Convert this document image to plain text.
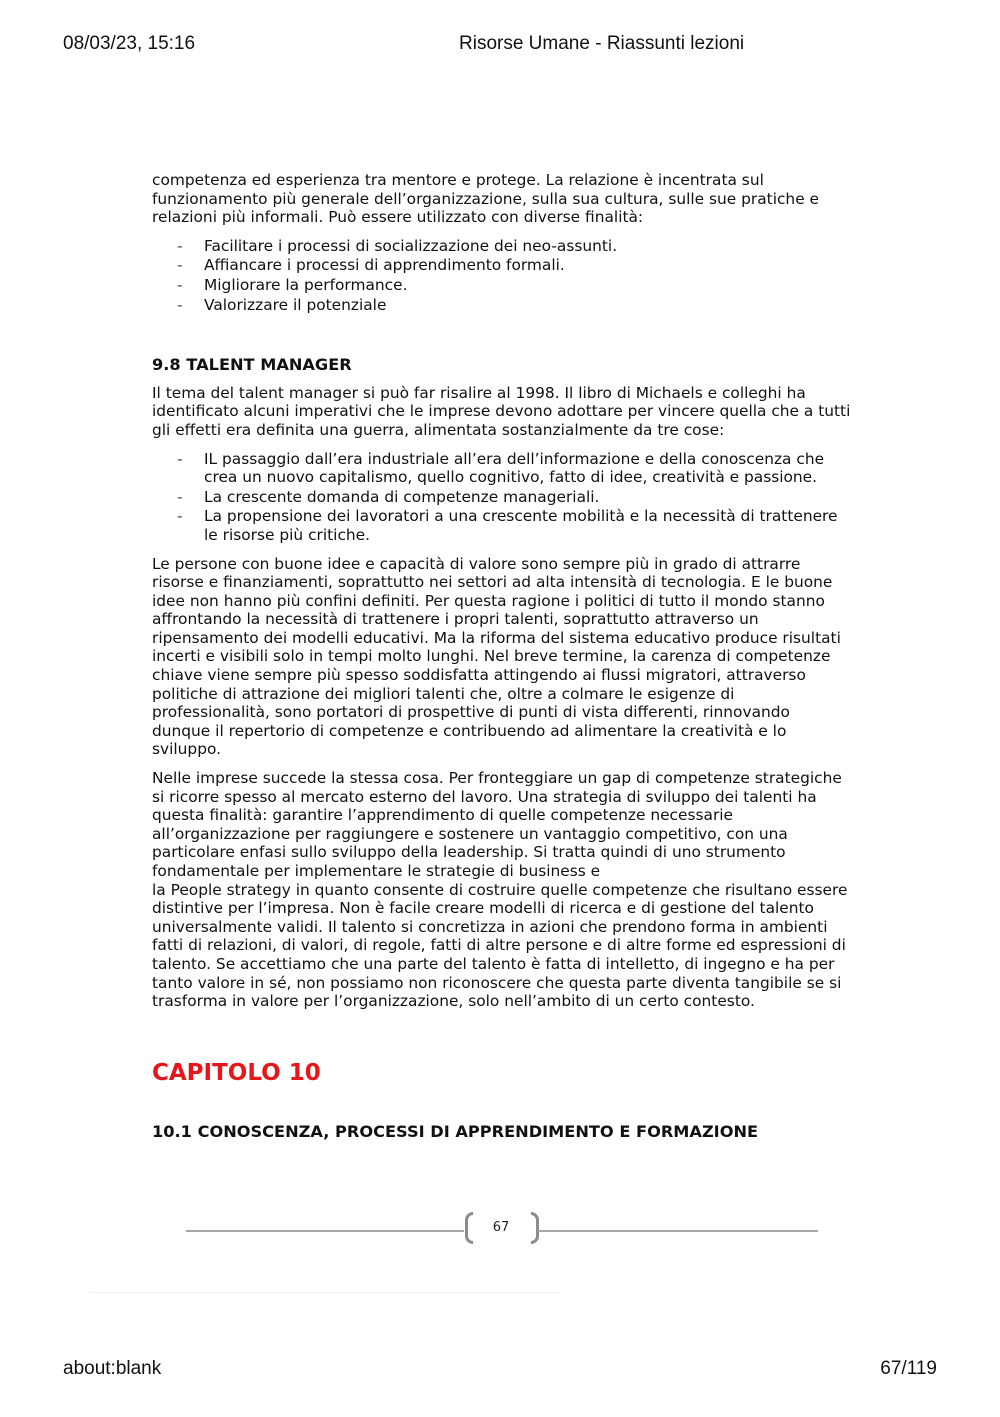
08/03/23, 15:16	Risorse Umane - Riassunti lezioni

competenza ed esperienza tra mentore e protege. La relazione è incentrata sul funzionamento più generale dell’organizzazione, sulla sua cultura, sulle sue pratiche e relazioni più informali. Può essere utilizzato con diverse finalità:

- Facilitare i processi di socializzazione dei neo-assunti.
- Affiancare i processi di apprendimento formali.
- Migliorare la performance.
- Valorizzare il potenziale
9.8 TALENT MANAGER

Il tema del talent manager si può far risalire al 1998. Il libro di Michaels e colleghi ha identificato alcuni imperativi che le imprese devono adottare per vincere quella che a tutti gli effetti era definita una guerra, alimentata sostanzialmente da tre cose:

- IL passaggio dall’era industriale all’era dell’informazione e della conoscenza che crea un nuovo capitalismo, quello cognitivo, fatto di idee, creatività e passione.
- La crescente domanda di competenze manageriali.
- La propensione dei lavoratori a una crescente mobilità e la necessità di trattenere le risorse più critiche.

Le persone con buone idee e capacità di valore sono sempre più in grado di attrarre risorse e finanziamenti, soprattutto nei settori ad alta intensità di tecnologia. E le buone idee non hanno più confini definiti. Per questa ragione i politici di tutto il mondo stanno affrontando la necessità di trattenere i propri talenti, soprattutto attraverso un ripensamento dei modelli educativi. Ma la riforma del sistema educativo produce risultati incerti e visibili solo in tempi molto lunghi. Nel breve termine, la carenza di competenze chiave viene sempre più spesso soddisfatta attingendo ai flussi migratori, attraverso politiche di attrazione dei migliori talenti che, oltre a colmare le esigenze di professionalità, sono portatori di prospettive di punti di vista differenti, rinnovando dunque il repertorio di competenze e contribuendo ad alimentare la creatività e lo sviluppo.

Nelle imprese succede la stessa cosa. Per fronteggiare un gap di competenze strategiche si ricorre spesso al mercato esterno del lavoro. Una strategia di sviluppo dei talenti ha questa finalità: garantire l’apprendimento di quelle competenze necessarie all’organizzazione per raggiungere e sostenere un vantaggio competitivo, con una particolare enfasi sullo sviluppo della leadership. Si tratta quindi di uno strumento fondamentale per implementare le strategie di business e

la People strategy in quanto consente di costruire quelle competenze che risultano essere distintive per l’impresa. Non è facile creare modelli di ricerca e di gestione del talento universalmente validi. Il talento si concretizza in azioni che prendono forma in ambienti fatti di relazioni, di valori, di regole, fatti di altre persone e di altre forme ed espressioni di talento. Se accettiamo che una parte del talento è fatta di intelletto, di ingegno e ha per tanto valore in sé, non possiamo non riconoscere che questa parte diventa tangibile se si trasforma in valore per l’organizzazione, solo nell’ambito di un certo contesto.

CAPITOLO 10
10.1 CONOSCENZA, PROCESSI DI APPRENDIMENTO E FORMAZIONE
67
about:blank	67/119
